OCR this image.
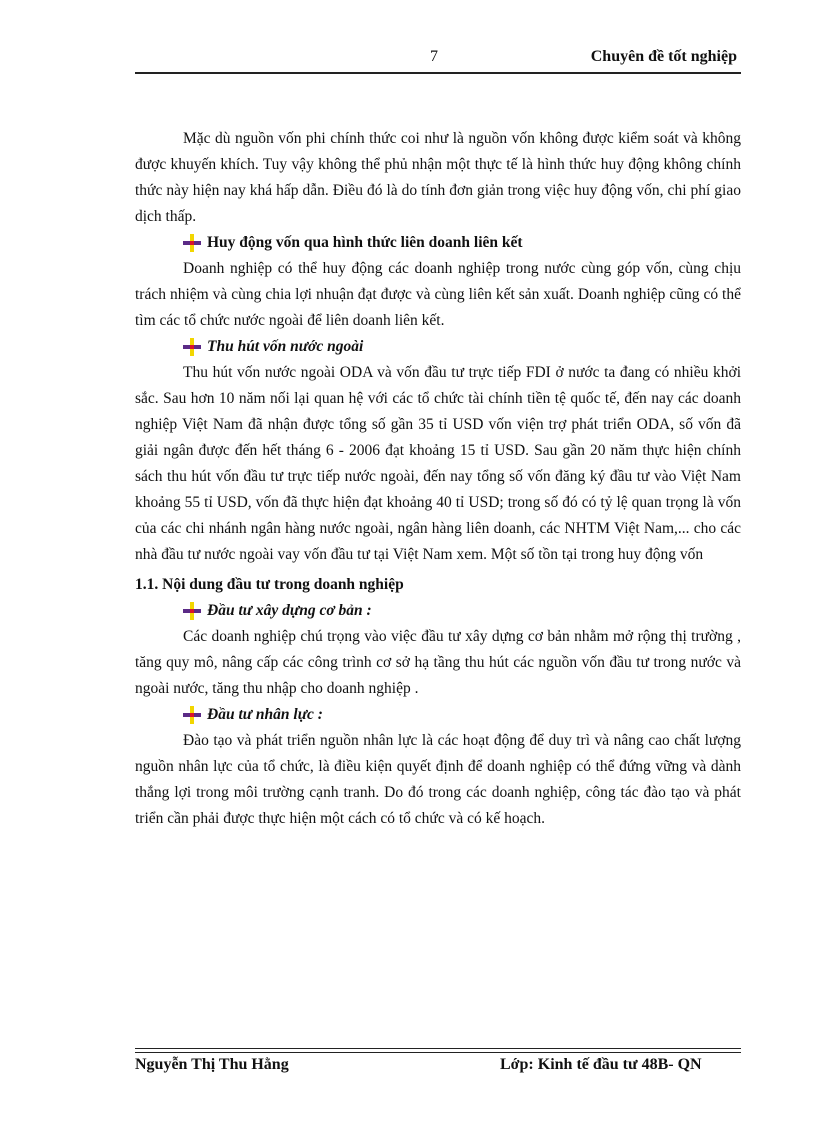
7	Chuyên đề tốt nghiệp

Mặc dù nguồn vốn phi chính thức coi như là nguồn vốn không được kiểm soát và không được khuyến khích. Tuy vậy không thể phủ nhận một thực tế là hình thức huy động không chính thức này hiện nay khá hấp dẫn. Điều đó là do tính đơn giản trong việc huy động vốn, chi phí giao dịch thấp.

Huy động vốn qua hình thức liên doanh liên kết

Doanh nghiệp có thể huy động các doanh nghiệp trong nước cùng góp vốn, cùng chịu trách nhiệm và cùng chia lợi nhuận đạt được và cùng liên kết sản xuất. Doanh nghiệp cũng có thể tìm các tổ chức nước ngoài để liên doanh liên kết.

Thu hút vốn nước ngoài

Thu hút vốn nước ngoài ODA và vốn đầu tư trực tiếp FDI ở nước ta đang có nhiều khởi sắc. Sau hơn 10 năm nối lại quan hệ với các tổ chức tài chính tiền tệ quốc tế, đến nay các doanh nghiệp Việt Nam đã nhận được tổng số gần 35 tỉ USD vốn viện trợ phát triển ODA, số vốn đã giải ngân được đến hết tháng 6 - 2006 đạt khoảng 15 tỉ USD. Sau gần 20 năm thực hiện chính sách thu hút vốn đầu tư trực tiếp nước ngoài, đến nay tổng số vốn đăng ký đầu tư vào Việt Nam khoảng 55 tỉ USD, vốn đã thực hiện đạt khoảng 40 tỉ USD; trong số đó có tỷ lệ quan trọng là vốn của các chi nhánh ngân hàng nước ngoài, ngân hàng liên doanh, các NHTM Việt Nam,... cho các nhà đầu tư nước ngoài vay vốn đầu tư tại Việt Nam xem. Một số tồn tại trong huy động vốn

1.1. Nội dung đầu tư trong doanh nghiệp

Đầu tư xây dựng cơ bản :

Các doanh nghiệp chú trọng vào việc đầu tư xây dựng cơ bản nhằm mở rộng thị trường , tăng quy mô, nâng cấp các công trình cơ sở hạ tầng thu hút các nguồn vốn đầu tư trong nước và ngoài nước, tăng thu nhập cho doanh nghiệp .

Đầu tư nhân lực :

Đào tạo và phát triển nguồn nhân lực là các hoạt động để duy trì và nâng cao chất lượng nguồn nhân lực của tổ chức, là điều kiện quyết định để doanh nghiệp có thể đứng vững và dành thắng lợi trong môi trường cạnh tranh. Do đó trong các doanh nghiệp, công tác đào tạo và phát triển cần phải được thực hiện một cách có tổ chức và có kế hoạch.

Nguyễn Thị Thu Hằng	Lớp: Kinh tế đầu tư 48B- QN
